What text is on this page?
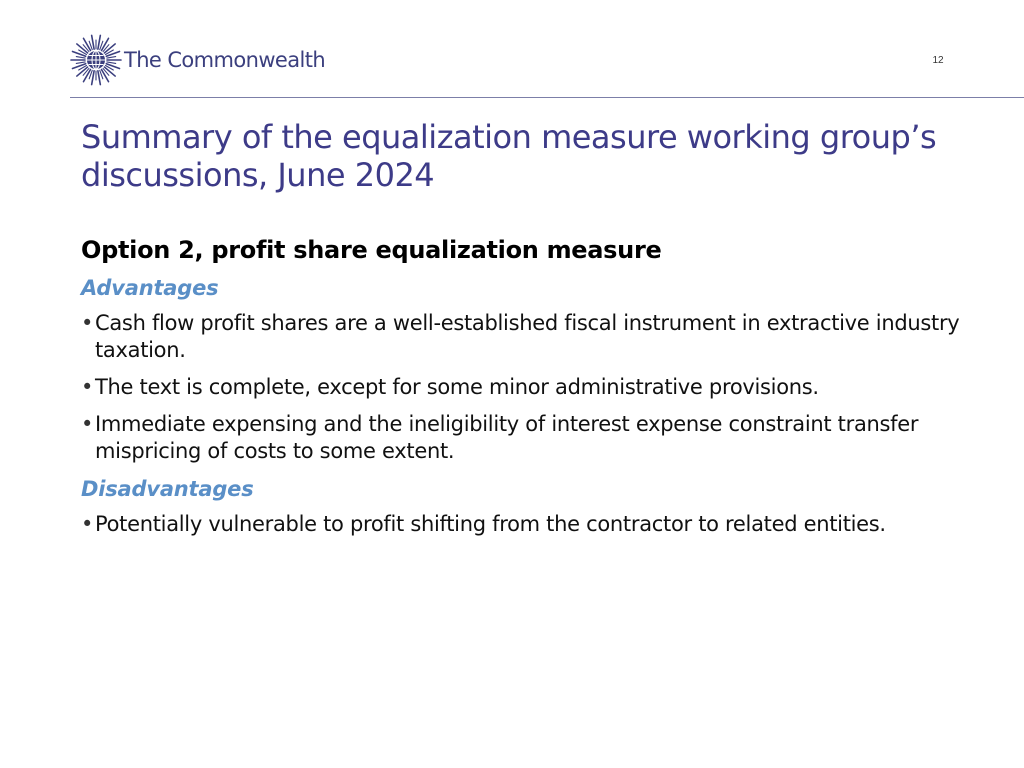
The Commonwealth	12
Summary of the equalization measure working group’s discussions, June 2024
Option 2, profit share equalization measure
Advantages
• Cash flow profit shares are a well-established fiscal instrument in extractive industry taxation.
• The text is complete, except for some minor administrative provisions.
• Immediate expensing and the ineligibility of interest expense constraint transfer mispricing of costs to some extent.
Disadvantages
• Potentially vulnerable to profit shifting from the contractor to related entities.
